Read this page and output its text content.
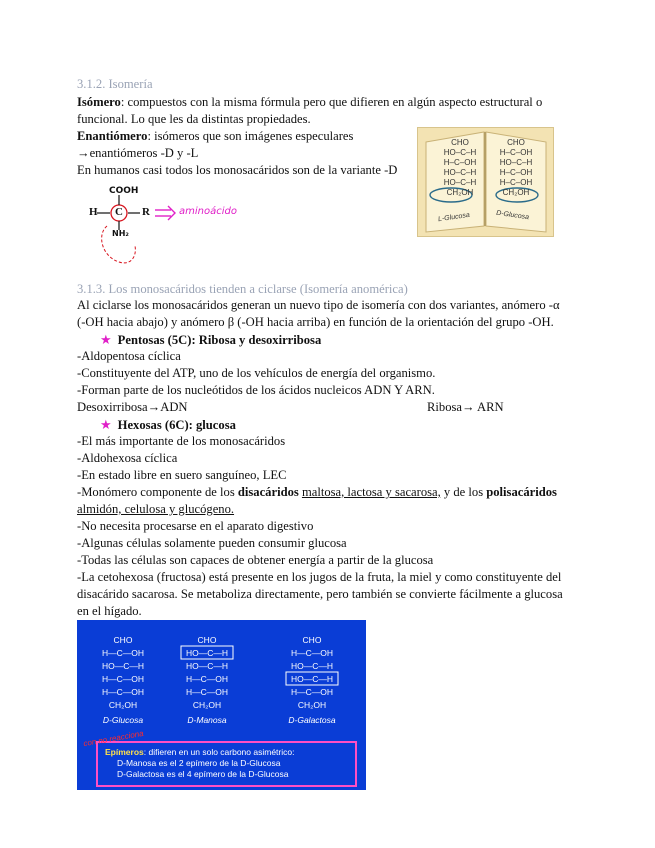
3.1.2. Isomería
Isómero: compuestos con la misma fórmula pero que difieren en algún aspecto estructural o
funcional. Lo que les da distintas propiedades.
Enantiómero: isómeros que son imágenes especulares
→enantiómeros -D y -L
En humanos casi todos los monosacáridos son de la variante -D
CHO
HO–C–H
H–C–OH
HO–C–H
HO–C–H
CH₂OH
CHO
H–C–OH
HO–C–H
H–C–OH
H–C–OH
CH₂OH
L-Glucosa	D-Glucosa
COOH
H C R
NH₂
aminoácido
3.1.3. Los monosacáridos tienden a ciclarse (Isomería anomérica)
Al ciclarse los monosacáridos generan un nuevo tipo de isomería con dos variantes, anómero -α
(-OH hacia abajo) y anómero β (-OH hacia arriba) en función de la orientación del grupo -OH.
★ Pentosas (5C): Ribosa y desoxirribosa
-Aldopentosa cíclica
-Constituyente del ATP, uno de los vehículos de energía del organismo.
-Forman parte de los nucleótidos de los ácidos nucleicos ADN Y ARN.
Desoxirribosa→ADN	Ribosa→ ARN
★ Hexosas (6C): glucosa
-El más importante de los monosacáridos
-Aldohexosa cíclica
-En estado libre en suero sanguíneo, LEC
-Monómero componente de los disacáridos maltosa, lactosa y sacarosa, y de los polisacáridos
almidón, celulosa y glucógeno.
-No necesita procesarse en el aparato digestivo
-Algunas células solamente pueden consumir glucosa
-Todas las células son capaces de obtener energía a partir de la glucosa
-La cetohexosa (fructosa) está presente en los jugos de la fruta, la miel y como constituyente del
disacárido sacarosa. Se metaboliza directamente, pero también se convierte fácilmente a glucosa
en el hígado.
CHO
H—C—OH
HO—C—H
H—C—OH
H—C—OH
CH₂OH
D-Glucosa
CHO
HO—C—H
HO—C—H
H—C—OH
H—C—OH
CH₂OH
D-Manosa
CHO
H—C—OH
HO—C—H
HO—C—H
H—C—OH
CH₂OH
D-Galactosa
con no reacciona
Epímeros: difieren en un solo carbono asimétrico:
D-Manosa es el 2 epímero de la D-Glucosa
D-Galactosa es el 4 epímero de la D-Glucosa
